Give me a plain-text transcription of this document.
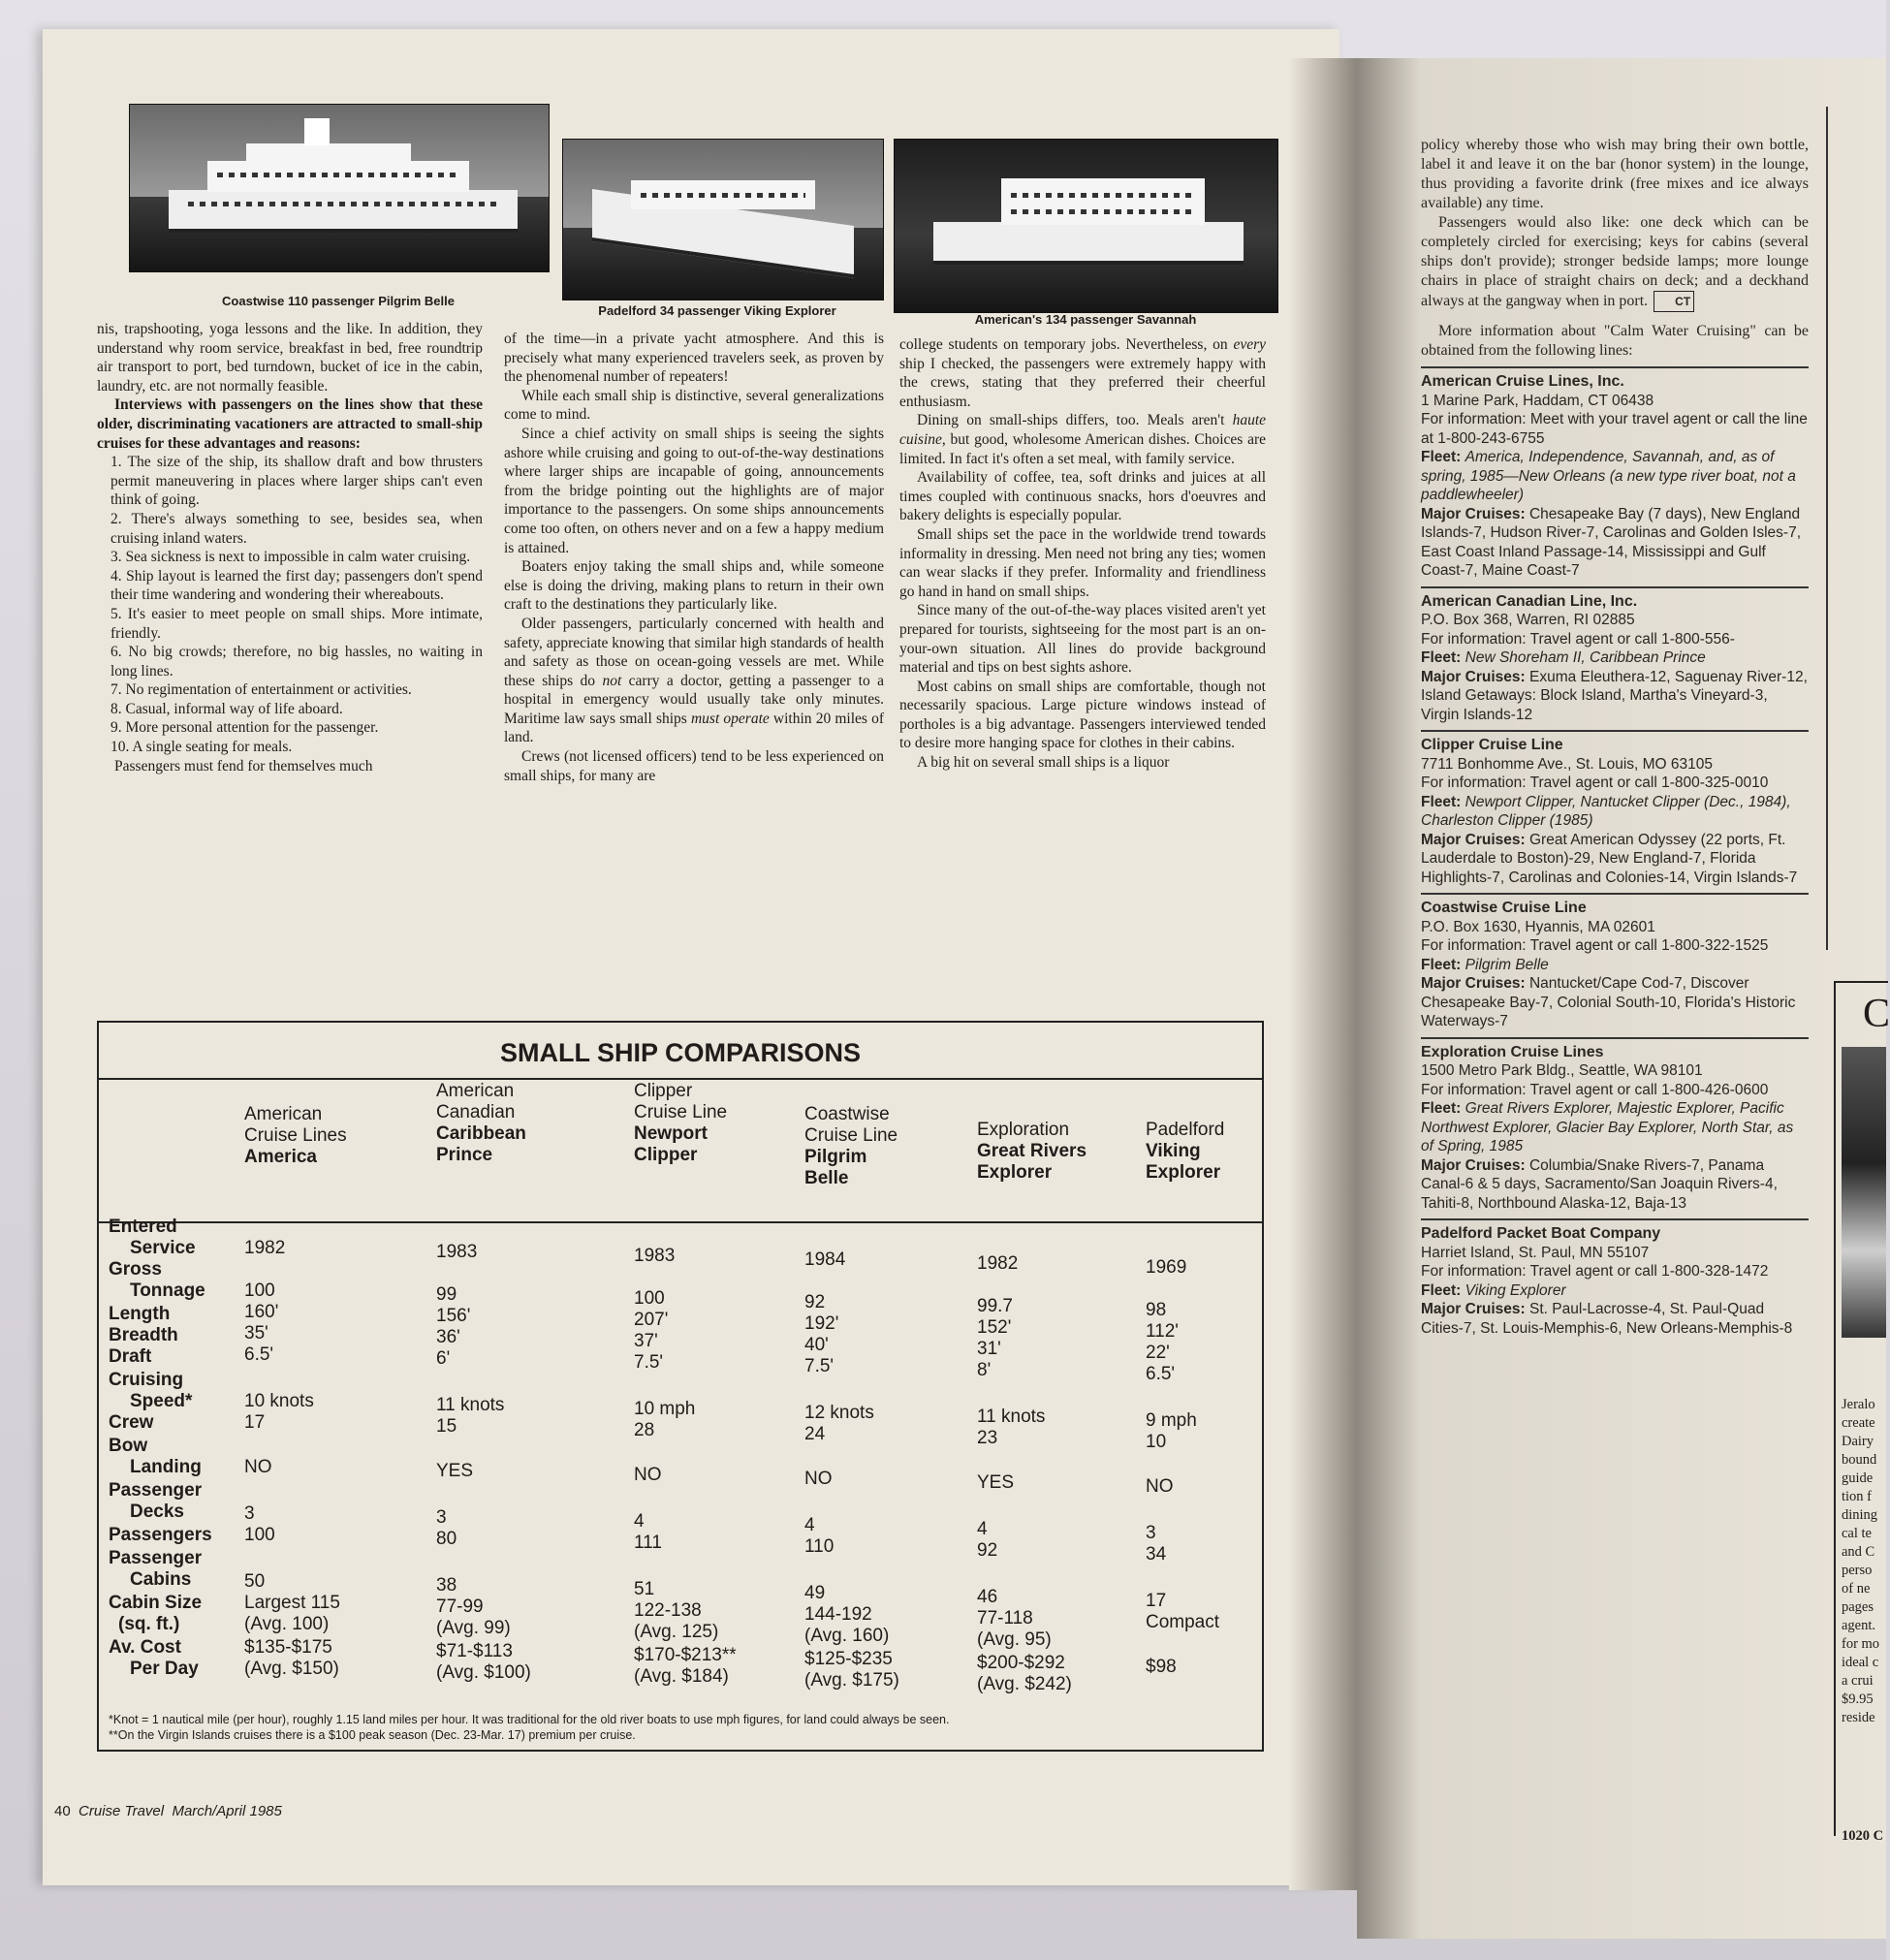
Coastwise 110 passenger Pilgrim Belle
Padelford 34 passenger Viking Explorer
American's 134 passenger Savannah

nis, trapshooting, yoga lessons and the like. In addition, they understand why room service, breakfast in bed, free roundtrip air transport to port, bed turndown, bucket of ice in the cabin, laundry, etc. are not normally feasible.

Interviews with passengers on the lines show that these older, discriminating vacationers are attracted to small-ship cruises for these advantages and reasons:

1. The size of the ship, its shallow draft and bow thrusters permit maneuvering in places where larger ships can't even think of going.

2. There's always something to see, besides sea, when cruising inland waters.

3. Sea sickness is next to impossible in calm water cruising.

4. Ship layout is learned the first day; passengers don't spend their time wandering and wondering their whereabouts.

5. It's easier to meet people on small ships. More intimate, friendly.

6. No big crowds; therefore, no big hassles, no waiting in long lines.

7. No regimentation of entertainment or activities.

8. Casual, informal way of life aboard.

9. More personal attention for the passenger.

10. A single seating for meals.

Passengers must fend for themselves much

of the time—in a private yacht atmosphere. And this is precisely what many experienced travelers seek, as proven by the phenomenal number of repeaters!

While each small ship is distinctive, several generalizations come to mind.

Since a chief activity on small ships is seeing the sights ashore while cruising and going to out-of-the-way destinations where larger ships are incapable of going, announcements from the bridge pointing out the highlights are of major importance to the passengers. On some ships announcements come too often, on others never and on a few a happy medium is attained.

Boaters enjoy taking the small ships and, while someone else is doing the driving, making plans to return in their own craft to the destinations they particularly like.

Older passengers, particularly concerned with health and safety, appreciate knowing that similar high standards of health and safety as those on ocean-going vessels are met. While these ships do not carry a doctor, getting a passenger to a hospital in emergency would usually take only minutes. Maritime law says small ships must operate within 20 miles of land.

Crews (not licensed officers) tend to be less experienced on small ships, for many are

college students on temporary jobs. Nevertheless, on every ship I checked, the passengers were extremely happy with the crews, stating that they preferred their cheerful enthusiasm.

Dining on small-ships differs, too. Meals aren't haute cuisine, but good, wholesome American dishes. Choices are limited. In fact it's often a set meal, with family service.

Availability of coffee, tea, soft drinks and juices at all times coupled with continuous snacks, hors d'oeuvres and bakery delights is especially popular.

Small ships set the pace in the worldwide trend towards informality in dressing. Men need not bring any ties; women can wear slacks if they prefer. Informality and friendliness go hand in hand on small ships.

Since many of the out-of-the-way places visited aren't yet prepared for tourists, sightseeing for the most part is an on-your-own situation. All lines do provide background material and tips on best sights ashore.

Most cabins on small ships are comfortable, though not necessarily spacious. Large picture windows instead of portholes is a big advantage. Passengers interviewed tended to desire more hanging space for clothes in their cabins.

A big hit on several small ships is a liquor

SMALL SHIP COMPARISONS
American
Cruise Lines
America
American
Canadian
Caribbean
Prince
Clipper
Cruise Line
Newport
Clipper
Coastwise
Cruise Line
Pilgrim
Belle
Exploration
Great Rivers
Explorer
Padelford
Viking
Explorer
Entered
Service
Gross
Tonnage
Length
Breadth
Draft
Cruising
Speed*
Crew
Bow
Landing
Passenger
Decks
Passengers
Passenger
Cabins
Cabin Size
(sq. ft.)
Av. Cost
Per Day
1982
100
160'
35'
6.5'
10 knots
17
NO
3
100
50
Largest 115
(Avg. 100)
$135-$175
(Avg. $150)
1983
99
156'
36'
6'
11 knots
15
YES
3
80
38
77-99
(Avg. 99)
$71-$113
(Avg. $100)
1983
100
207'
37'
7.5'
10 mph
28
NO
4
111
51
122-138
(Avg. 125)
$170-$213**
(Avg. $184)
1984
92
192'
40'
7.5'
12 knots
24
NO
4
110
49
144-192
(Avg. 160)
$125-$235
(Avg. $175)
1982
99.7
152'
31'
8'
11 knots
23
YES
4
92
46
77-118
(Avg. 95)
$200-$292
(Avg. $242)
1969
98
112'
22'
6.5'
9 mph
10
NO
3
34
17
Compact
$98
*Knot = 1 nautical mile (per hour), roughly 1.15 land miles per hour. It was traditional for the old river boats to use mph figures, for land could always be seen.
**On the Virgin Islands cruises there is a $100 peak season (Dec. 23-Mar. 17) premium per cruise.
40 Cruise Travel March/April 1985

policy whereby those who wish may bring their own bottle, label it and leave it on the bar (honor system) in the lounge, thus providing a favorite drink (free mixes and ice always available) any time.

Passengers would also like: one deck which can be completely circled for exercising; keys for cabins (several ships don't provide); stronger bedside lamps; more lounge chairs in place of straight chairs on deck; and a deckhand always at the gangway when in port. CT

More information about "Calm Water Cruising" can be obtained from the following lines:

American Cruise Lines, Inc.
1 Marine Park, Haddam, CT 06438
For information: Meet with your travel agent or call the line at 1-800-243-6755
Fleet: America, Independence, Savannah, and, as of spring, 1985—New Orleans (a new type river boat, not a paddlewheeler)
Major Cruises: Chesapeake Bay (7 days), New England Islands-7, Hudson River-7, Carolinas and Golden Isles-7, East Coast Inland Passage-14, Mississippi and Gulf Coast-7, Maine Coast-7
American Canadian Line, Inc.
P.O. Box 368, Warren, RI 02885
For information: Travel agent or call 1-800-556-
Fleet: New Shoreham II, Caribbean Prince
Major Cruises: Exuma Eleuthera-12, Saguenay River-12, Island Getaways: Block Island, Martha's Vineyard-3, Virgin Islands-12
Clipper Cruise Line
7711 Bonhomme Ave., St. Louis, MO 63105
For information: Travel agent or call 1-800-325-0010
Fleet: Newport Clipper, Nantucket Clipper (Dec., 1984), Charleston Clipper (1985)
Major Cruises: Great American Odyssey (22 ports, Ft. Lauderdale to Boston)-29, New England-7, Florida Highlights-7, Carolinas and Colonies-14, Virgin Islands-7
Coastwise Cruise Line
P.O. Box 1630, Hyannis, MA 02601
For information: Travel agent or call 1-800-322-1525
Fleet: Pilgrim Belle
Major Cruises: Nantucket/Cape Cod-7, Discover Chesapeake Bay-7, Colonial South-10, Florida's Historic Waterways-7
Exploration Cruise Lines
1500 Metro Park Bldg., Seattle, WA 98101
For information: Travel agent or call 1-800-426-0600
Fleet: Great Rivers Explorer, Majestic Explorer, Pacific Northwest Explorer, Glacier Bay Explorer, North Star, as of Spring, 1985
Major Cruises: Columbia/Snake Rivers-7, Panama Canal-6 & 5 days, Sacramento/San Joaquin Rivers-4, Tahiti-8, Northbound Alaska-12, Baja-13
Padelford Packet Boat Company
Harriet Island, St. Paul, MN 55107
For information: Travel agent or call 1-800-328-1472
Fleet: Viking Explorer
Major Cruises: St. Paul-Lacrosse-4, St. Paul-Quad Cities-7, St. Louis-Memphis-6, New Orleans-Memphis-8
C
Jeralo
create
Dairy
bound
guide
tion f
dining
cal te
and C
perso
of ne
pages
agent.
for mo
ideal c
a crui
$9.95
reside
1020 C
